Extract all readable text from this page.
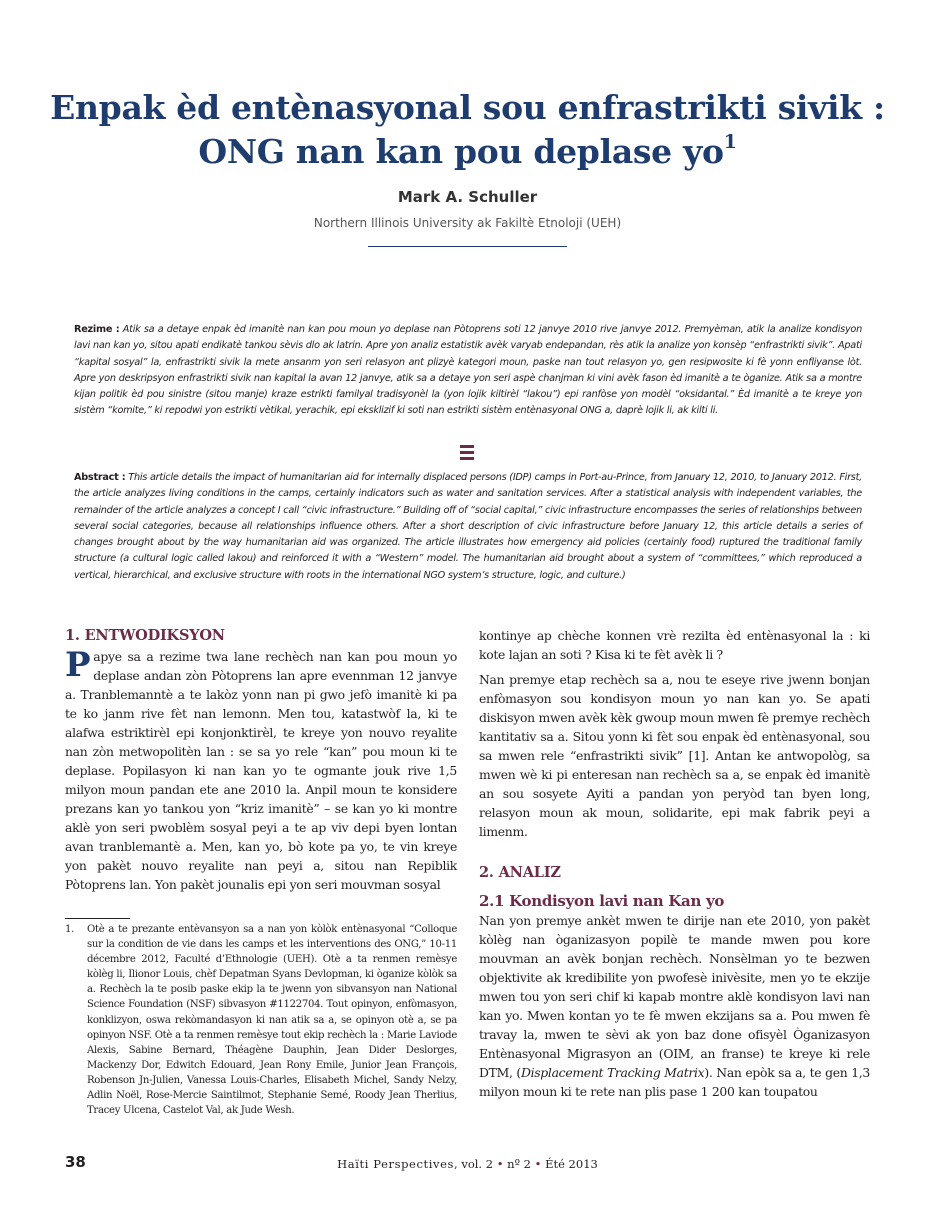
Enpak èd entènasyonal sou enfrastrikti sivik :
ONG nan kan pou deplase $yo^1$
Mark A. Schuller
Northern Illinois University ak Fakiltè Etnoloji (UEH)
Rezime : Atik sa a detaye enpak èd imanitè nan kan pou moun yo deplase nan Pòtoprens soti 12 janvye 2010 rive janvye 2012. Premyèman, atik la analize kondisyon lavi nan kan yo, sitou apati endikatè tankou sèvis dlo ak latrin. Apre yon analiz estatistik avèk varyab endepandan, rès atik la analize yon konsèp “enfrastrikti sivik”. Apati “kapital sosyal” la, enfrastrikti sivik la mete ansanm yon seri relasyon ant plizyè kategori moun, paske nan tout relasyon yo, gen resipwosite ki fè yonn enfliyanse lòt. Apre yon deskripsyon enfrastrikti sivik nan kapital la avan 12 janvye, atik sa a detaye yon seri aspè chanjman ki vini avèk fason èd imanitè a te òganize. Atik sa a montre kijan politik èd pou sinistre (sitou manje) kraze estrikti familyal tradisyonèl la (yon lojik kiltirèl “lakou”) epi ranfòse yon modèl “oksidantal.” Èd imanitè a te kreye yon sistèm “komite,” ki repodwi yon estrikti vètikal, yerachik, epi eksklizif ki soti nan estrikti sistèm entènasyonal ONG a, daprè lojik li, ak kilti li.
Abstract : This article details the impact of humanitarian aid for internally displaced persons (IDP) camps in Port-au-Prince, from January 12, 2010, to January 2012. First, the article analyzes living conditions in the camps, certainly indicators such as water and sanitation services. After a statistical analysis with independent variables, the remainder of the article analyzes a concept I call “civic infrastructure.” Building off of “social capital,” civic infrastructure encompasses the series of relationships between several social categories, because all relationships influence others. After a short description of civic infrastructure before January 12, this article details a series of changes brought about by the way humanitarian aid was organized. The article illustrates how emergency aid policies (certainly food) ruptured the traditional family structure (a cultural logic called lakou) and reinforced it with a “Western” model. The humanitarian aid brought about a system of “committees,” which reproduced a vertical, hierarchical, and exclusive structure with roots in the international NGO system’s structure, logic, and culture.)
1. ENTWODIKSYON

Papye sa a rezime twa lane rechèch nan kan pou moun yo deplase andan zòn Pòtoprens lan apre evennman 12 janvye a. Tranblemanntè a te lakòz yonn nan pi gwo jefò imanitè ki pa te ko janm rive fèt nan lemonn. Men tou, katastwòf la, ki te alafwa estriktirèl epi konjonktirèl, te kreye yon nouvo reyalite nan zòn metwopolitèn lan : se sa yo rele “kan” pou moun ki te deplase. Popilasyon ki nan kan yo te ogmante jouk rive 1,5 milyon moun pandan ete ane 2010 la. Anpil moun te konsidere prezans kan yo tankou yon “kriz imanitè” – se kan yo ki montre aklè yon seri pwoblèm sosyal peyi a te ap viv depi byen lontan avan tranblemantè a. Men, kan yo, bò kote pa yo, te vin kreye yon pakèt nouvo reyalite nan peyi a, sitou nan Repiblik Pòtoprens lan. Yon pakèt jounalis epi yon seri mouvman sosyal

kontinye ap chèche konnen vrè rezilta èd entènasyonal la : ki kote lajan an soti ? Kisa ki te fèt avèk li ?

Nan premye etap rechèch sa a, nou te eseye rive jwenn bonjan enfòmasyon sou kondisyon moun yo nan kan yo. Se apati diskisyon mwen avèk kèk gwoup moun mwen fè premye rechèch kantitativ sa a. Sitou yonn ki fèt sou enpak èd entènasyonal, sou sa mwen rele “enfrastrikti sivik” [1]. Antan ke antwopològ, sa mwen wè ki pi enteresan nan rechèch sa a, se enpak èd imanitè an sou sosyete Ayiti a pandan yon peryòd tan byen long, relasyon moun ak moun, solidarite, epi mak fabrik peyi a limenm.

2. ANALIZ
2.1 Kondisyon lavi nan Kan yo

Nan yon premye ankèt mwen te dirije nan ete 2010, yon pakèt kòlèg nan òganizasyon popilè te mande mwen pou kore mouvman an avèk bonjan rechèch. Nonsèlman yo te bezwen objektivite ak kredibilite yon pwofesè inivèsite, men yo te ekzije mwen tou yon seri chif ki kapab montre aklè kondisyon lavi nan kan yo. Mwen kontan yo te fè mwen ekzijans sa a. Pou mwen fè travay la, mwen te sèvi ak yon baz done ofisyèl Òganizasyon Entènasyonal Migrasyon an (OIM, an franse) te kreye ki rele DTM, (Displacement Tracking Matrix). Nan epòk sa a, te gen 1,3 milyon moun ki te rete nan plis pase 1 200 kan toupatou

1.	Otè a te prezante entèvansyon sa a nan yon kòlòk entènasyonal “Colloque sur la condition de vie dans les camps et les interventions des ONG,” 10-11 décembre 2012, Faculté d’Ethnologie (UEH). Otè a ta renmen remèsye kòlèg li, Ilionor Louis, chèf Depatman Syans Devlopman, ki òganize kòlòk sa a. Rechèch la te posib paske ekip la te jwenn yon sibvansyon nan National Science Foundation (NSF) sibvasyon #1122704. Tout opinyon, enfòmasyon, konklizyon, oswa rekòmandasyon ki nan atik sa a, se opinyon otè a, se pa opinyon NSF. Otè a ta renmen remèsye tout ekip rechèch la : Marie Laviode Alexis, Sabine Bernard, Théagène Dauphin, Jean Dider Deslorges, Mackenzy Dor, Edwitch Edouard, Jean Rony Emile, Junior Jean François, Robenson Jn-Julien, Vanessa Louis-Charles, Elisabeth Michel, Sandy Nelzy, Adlin Noël, Rose-Mercie Saintilmot, Stephanie Semé, Roody Jean Therlius, Tracey Ulcena, Castelot Val, ak Jude Wesh.
38	Haïti Perspectives, vol. 2 • nº 2 • Été 2013
